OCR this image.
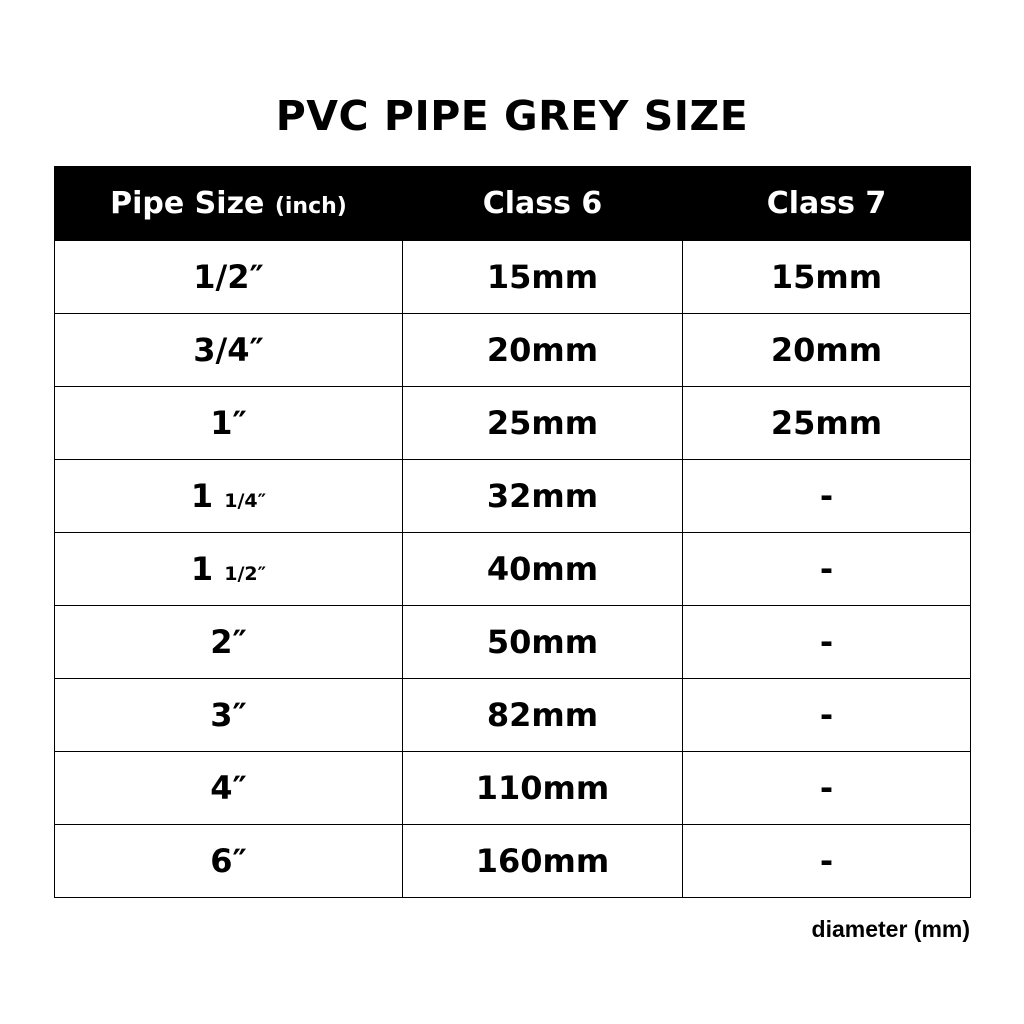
PVC PIPE GREY SIZE
Pipe Size (inch)	Class 6	Class 7
1/2″	15mm	15mm
3/4″	20mm	20mm
1″	25mm	25mm
1 1/4″	32mm	-
1 1/2″	40mm	-
2″	50mm	-
3″	82mm	-
4″	110mm	-
6″	160mm	-
diameter (mm)
